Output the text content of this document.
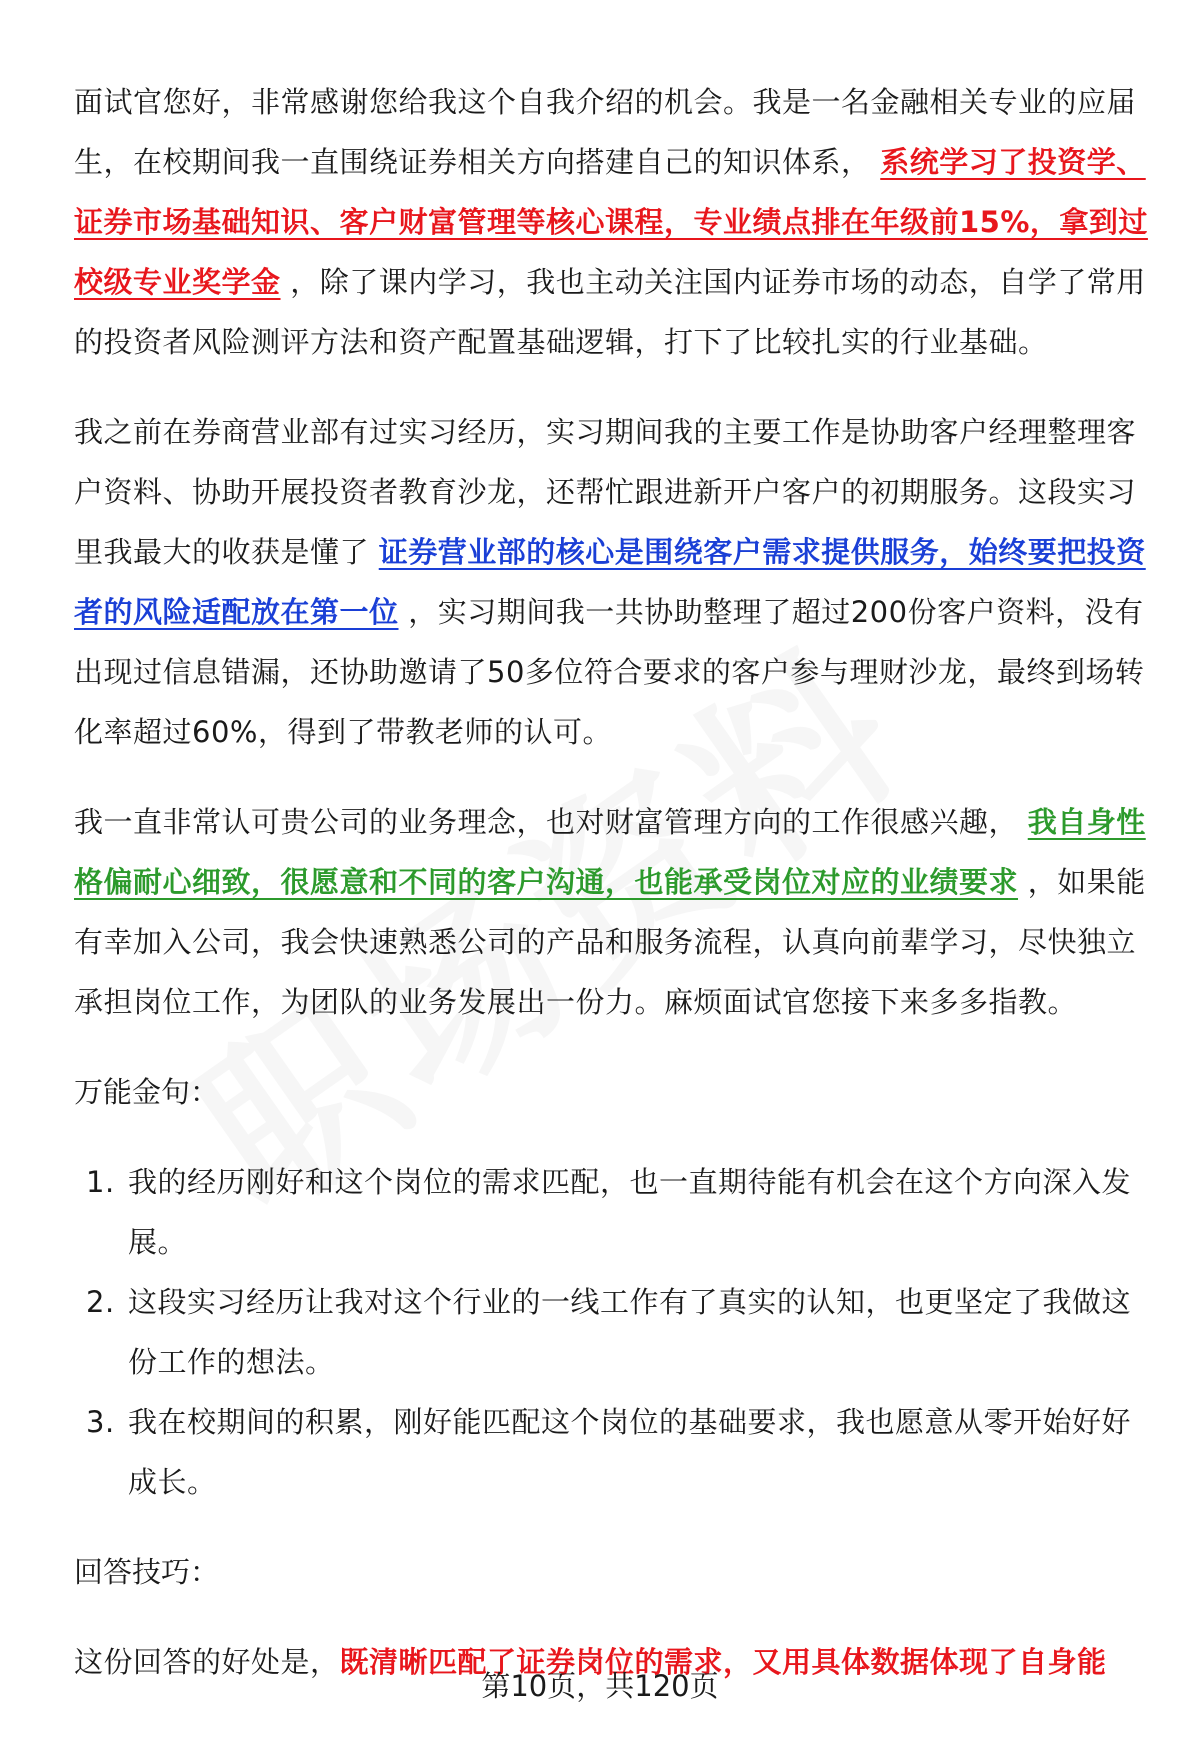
面试官您好，非常感谢您给我这个自我介绍的机会。我是一名金融相关专业的应届生，在校期间我一直围绕证券相关方向搭建自己的知识体系， 系统学习了投资学、证券市场基础知识、客户财富管理等核心课程，专业绩点排在年级前15%，拿到过校级专业奖学金 ，除了课内学习，我也主动关注国内证券市场的动态，自学了常用的投资者风险测评方法和资产配置基础逻辑，打下了比较扎实的行业基础。

我之前在券商营业部有过实习经历，实习期间我的主要工作是协助客户经理整理客户资料、协助开展投资者教育沙龙，还帮忙跟进新开户客户的初期服务。这段实习里我最大的收获是懂了 证券营业部的核心是围绕客户需求提供服务，始终要把投资者的风险适配放在第一位 ，实习期间我一共协助整理了超过200份客户资料，没有出现过信息错漏，还协助邀请了50多位符合要求的客户参与理财沙龙，最终到场转化率超过60%，得到了带教老师的认可。

我一直非常认可贵公司的业务理念，也对财富管理方向的工作很感兴趣， 我自身性格偏耐心细致，很愿意和不同的客户沟通，也能承受岗位对应的业绩要求 ，如果能有幸加入公司，我会快速熟悉公司的产品和服务流程，认真向前辈学习，尽快独立承担岗位工作，为团队的业务发展出一份力。麻烦面试官您接下来多多指教。

万能金句：

1. 我的经历刚好和这个岗位的需求匹配，也一直期待能有机会在这个方向深入发展。
2. 这段实习经历让我对这个行业的一线工作有了真实的认知，也更坚定了我做这份工作的想法。
3. 我在校期间的积累，刚好能匹配这个岗位的基础要求，我也愿意从零开始好好成长。

回答技巧：

这份回答的好处是，既清晰匹配了证券岗位的需求，又用具体数据体现了自身能

第10页，共120页
